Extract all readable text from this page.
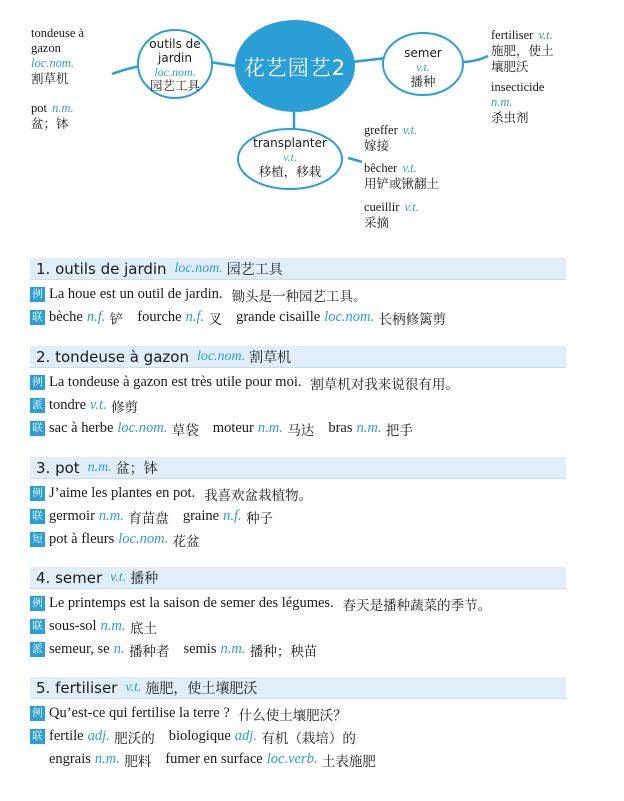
花艺园艺2
outils de
jardin
loc.nom.
园艺工具
semer
v.t.
播种
transplanter
v.t.
移植，移栽
tondeuse à gazon
loc.nom.
割草机
pot n.m.
盆；钵
fertiliser v.t.
施肥，使土
壤肥沃
insecticide
n.m.
杀虫剂
greffer v.t.
嫁接
bêcher v.t.
用铲或锹翻土
cueillir v.t.
采摘
1. outils de jardin loc.nom. 园艺工具
例 La houe est un outil de jardin.
锄头是一种园艺工具。
联 bèche n.f.
铲 fourche n.f.
叉 grande cisaille loc.nom.
长柄修篱剪
2. tondeuse à gazon loc.nom. 割草机
例 La tondeuse à gazon est très utile pour moi.
割草机对我来说很有用。
派 tondre v.t.
修剪
联 sac à herbe loc.nom.
草袋 moteur n.m.
马达 bras n.m.
把手
3. pot n.m. 盆；钵
例 J’aime les plantes en pot.
我喜欢盆栽植物。
联 germoir n.m.
育苗盘 graine n.f.
种子
短 pot à fleurs loc.nom.
花盆
4. semer v.t. 播种
例 Le printemps est la saison de semer des légumes.
春天是播种蔬菜的季节。
联 sous-sol n.m.
底土
派 semeur, se n.
播种者 semis n.m.
播种；秧苗
5. fertiliser v.t. 施肥，使土壤肥沃
例 Qu’est-ce qui fertilise la terre ?
什么使土壤肥沃？
联 fertile adj.
肥沃的 biologique adj.
有机（栽培）的
engrais n.m.
肥料 fumer en surface loc.verb.
土表施肥
